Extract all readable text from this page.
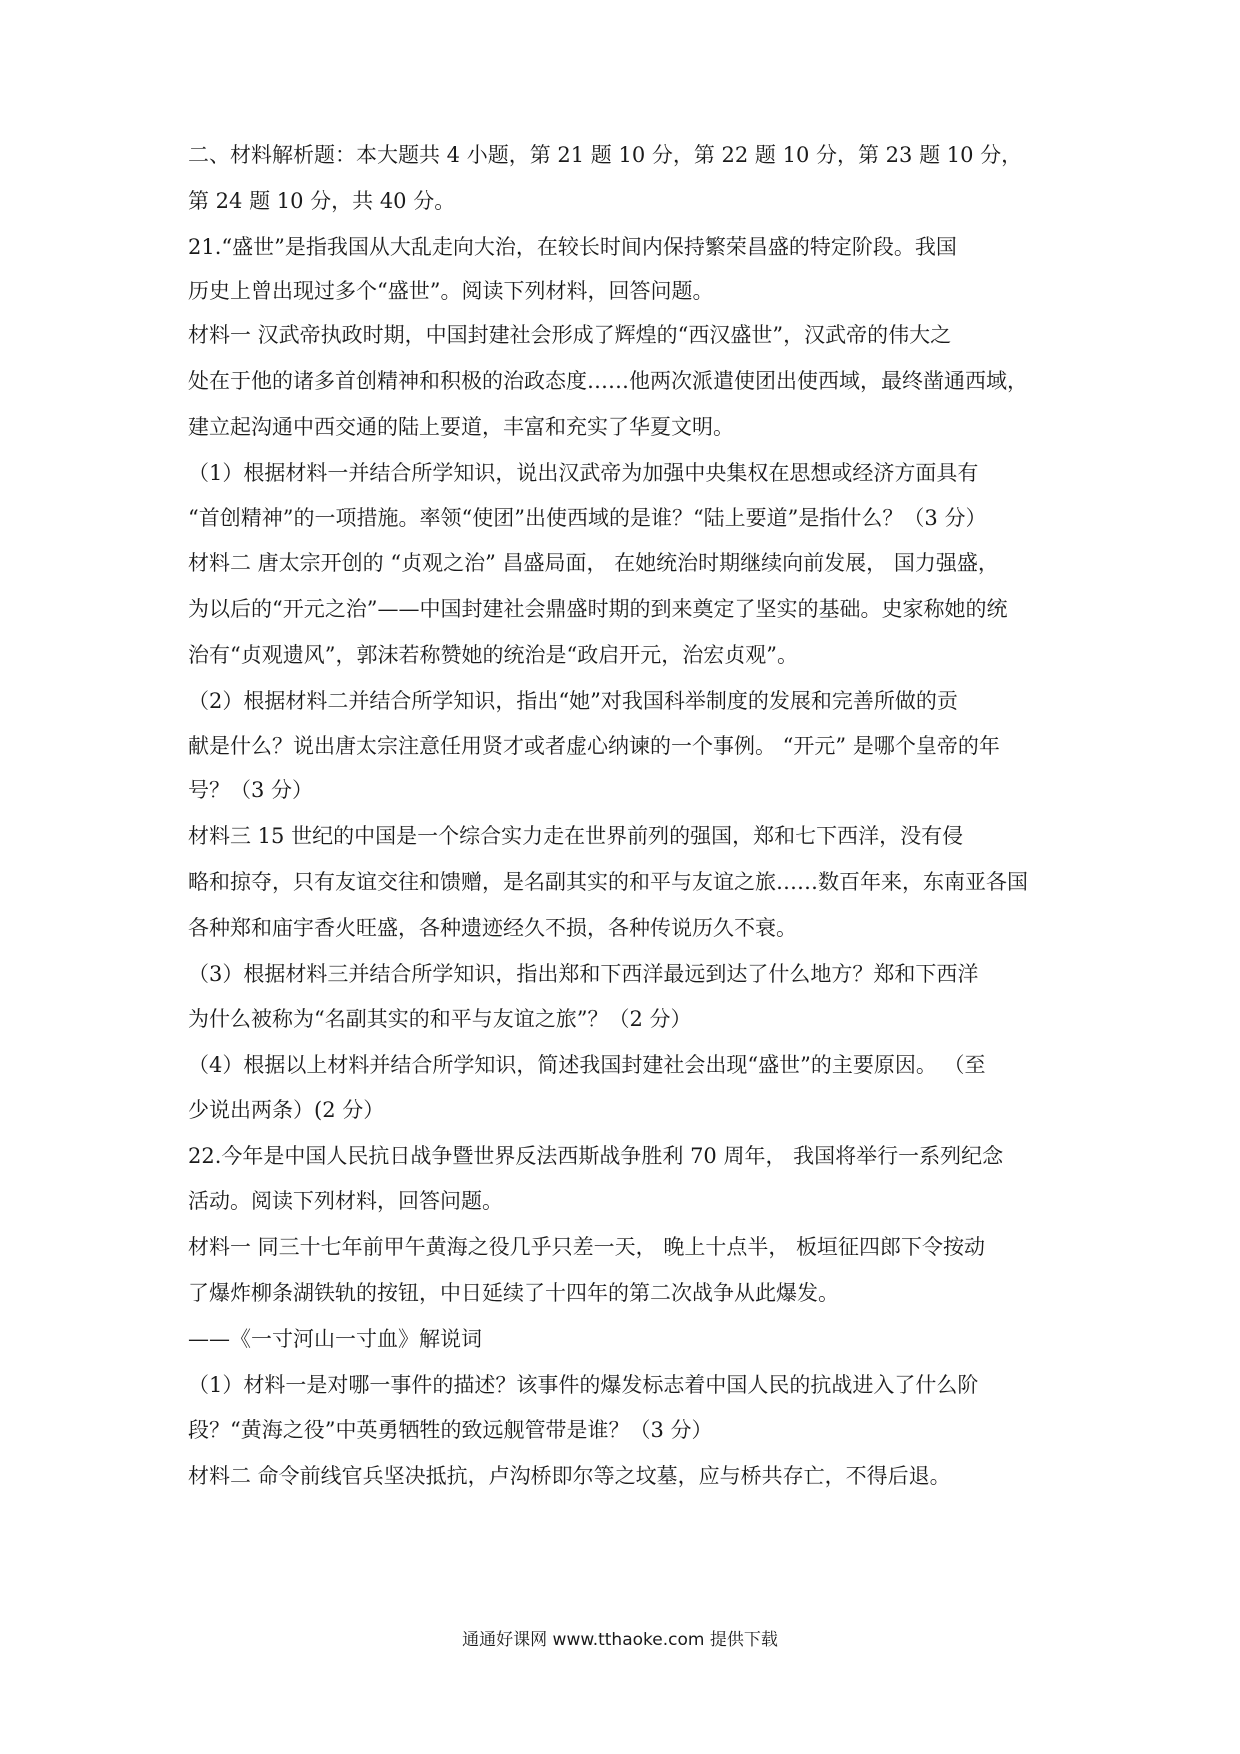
二、材料解析题：本大题共 4 小题，第 21 题 10 分，第 22 题 10 分，第 23 题 10 分，
第 24 题 10 分，共 40 分。
21.“盛世”是指我国从大乱走向大治，在较长时间内保持繁荣昌盛的特定阶段。我国
历史上曾出现过多个“盛世”。阅读下列材料，回答问题。
材料一 汉武帝执政时期，中国封建社会形成了辉煌的“西汉盛世”，汉武帝的伟大之
处在于他的诸多首创精神和积极的治政态度……他两次派遣使团出使西域，最终凿通西域，
建立起沟通中西交通的陆上要道，丰富和充实了华夏文明。
（1）根据材料一并结合所学知识，说出汉武帝为加强中央集权在思想或经济方面具有
“首创精神”的一项措施。率领“使团”出使西域的是谁？“陆上要道”是指什么？（3 分）
材料二 唐太宗开创的 “贞观之治” 昌盛局面， 在她统治时期继续向前发展， 国力强盛，
为以后的“开元之治”——中国封建社会鼎盛时期的到来奠定了坚实的基础。史家称她的统
治有“贞观遗风”，郭沫若称赞她的统治是“政启开元，治宏贞观”。
（2）根据材料二并结合所学知识，指出“她”对我国科举制度的发展和完善所做的贡
献是什么？说出唐太宗注意任用贤才或者虚心纳谏的一个事例。 “开元” 是哪个皇帝的年
号？（3 分）
材料三 15 世纪的中国是一个综合实力走在世界前列的强国，郑和七下西洋，没有侵
略和掠夺，只有友谊交往和馈赠，是名副其实的和平与友谊之旅……数百年来，东南亚各国
各种郑和庙宇香火旺盛，各种遗迹经久不损，各种传说历久不衰。
（3）根据材料三并结合所学知识，指出郑和下西洋最远到达了什么地方？郑和下西洋
为什么被称为“名副其实的和平与友谊之旅”？（2 分）
（4）根据以上材料并结合所学知识，简述我国封建社会出现“盛世”的主要原因。 （至
少说出两条）(2 分）
22.今年是中国人民抗日战争暨世界反法西斯战争胜利 70 周年， 我国将举行一系列纪念
活动。阅读下列材料，回答问题。
材料一 同三十七年前甲午黄海之役几乎只差一天， 晚上十点半， 板垣征四郎下令按动
了爆炸柳条湖铁轨的按钮，中日延续了十四年的第二次战争从此爆发。
——《一寸河山一寸血》解说词
（1）材料一是对哪一事件的描述？该事件的爆发标志着中国人民的抗战进入了什么阶
段？“黄海之役”中英勇牺牲的致远舰管带是谁？（3 分）
材料二 命令前线官兵坚决抵抗，卢沟桥即尔等之坟墓，应与桥共存亡，不得后退。
通通好课网 www.tthaoke.com 提供下载
